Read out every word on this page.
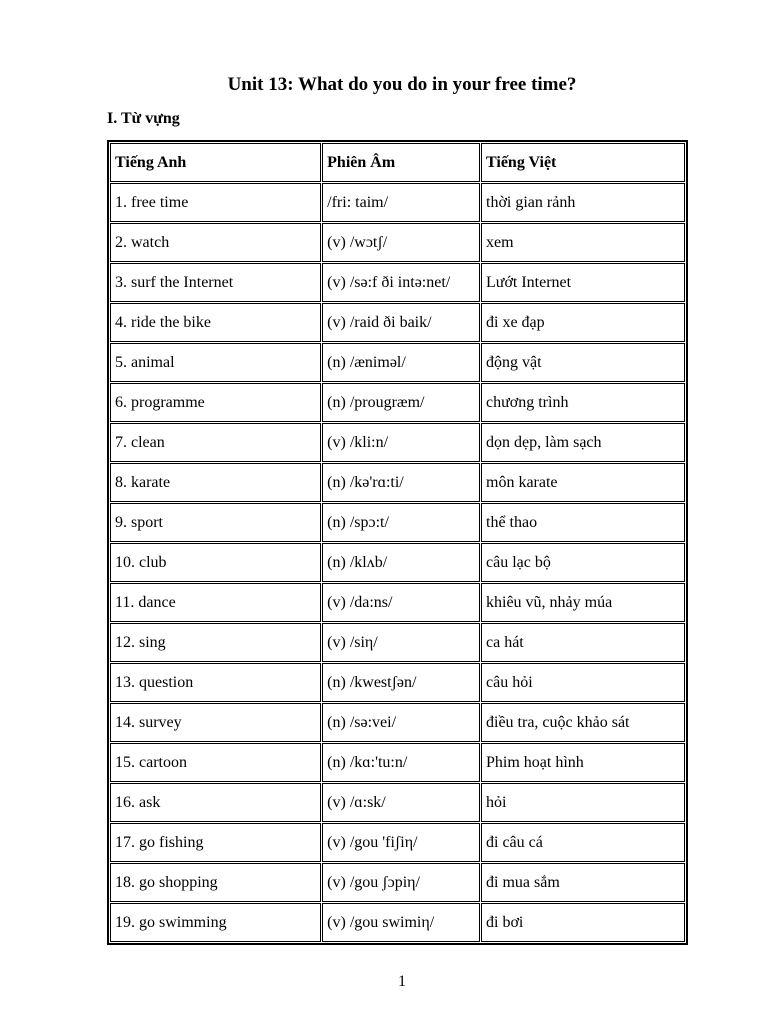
Unit 13: What do you do in your free time?
I. Từ vựng
Tiếng Anh	Phiên Âm	Tiếng Việt
1. free time	/fri: taim/	thời gian rảnh
2. watch	(v) /wɔtʃ/	xem
3. surf the Internet	(v) /sə:f ði intə:net/	Lướt Internet
4. ride the bike	(v) /raid ði baik/	đi xe đạp
5. animal	(n) /ænimәl/	động vật
6. programme	(n) /prougræm/	chương trình
7. clean	(v) /kli:n/	dọn dẹp, làm sạch
8. karate	(n) /kə'rɑ:ti/	môn karate
9. sport	(n) /spɔ:t/	thể thao
10. club	(n) /klʌb/	câu lạc bộ
11. dance	(v) /da:ns/	khiêu vũ, nhảy múa
12. sing	(v) /siη/	ca hát
13. question	(n) /kwestʃən/	câu hỏi
14. survey	(n) /sə:vei/	điều tra, cuộc khảo sát
15. cartoon	(n) /kɑ:'tu:n/	Phim hoạt hình
16. ask	(v) /ɑ:sk/	hỏi
17. go fishing	(v) /gou 'fiʃiη/	đi câu cá
18. go shopping	(v) /gou ʃɔpiη/	đi mua sắm
19. go swimming	(v) /gou swimiη/	đi bơi
1
